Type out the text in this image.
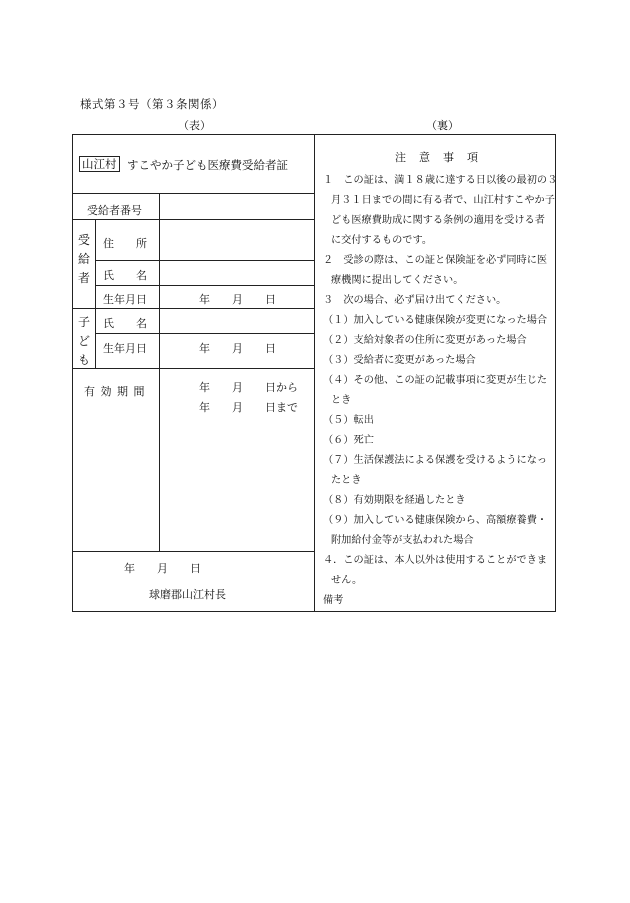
様式第３号（第３条関係）
（表）	（裏）
山江村 すこやか子ども医療費受給者証
受給者番号
受
給
者
住　　所
氏　　名
生年月日	年　　月　　日
子
ど
も
氏　　名
生年月日	年　　月　　日
有 効 期 間	年　　月　　日から
年　　月　　日まで
年　　月　　日
球磨郡山江村長
注　意　事　項
１　この証は、満１８歳に達する日以後の最初の３
月３１日までの間に有る者で、山江村すこやか子
ども医療費助成に関する条例の適用を受ける者
に交付するものです。
２　受診の際は、この証と保険証を必ず同時に医
療機関に提出してください。
３　次の場合、必ず届け出てください。
（１）加入している健康保険が変更になった場合
（２）支給対象者の住所に変更があった場合
（３）受給者に変更があった場合
（４）その他、この証の記載事項に変更が生じた
とき
（５）転出
（６）死亡
（７）生活保護法による保護を受けるようになっ
たとき
（８）有効期限を経過したとき
（９）加入している健康保険から、高額療養費・
附加給付金等が支払われた場合
４．この証は、本人以外は使用することができま
せん。
備考
